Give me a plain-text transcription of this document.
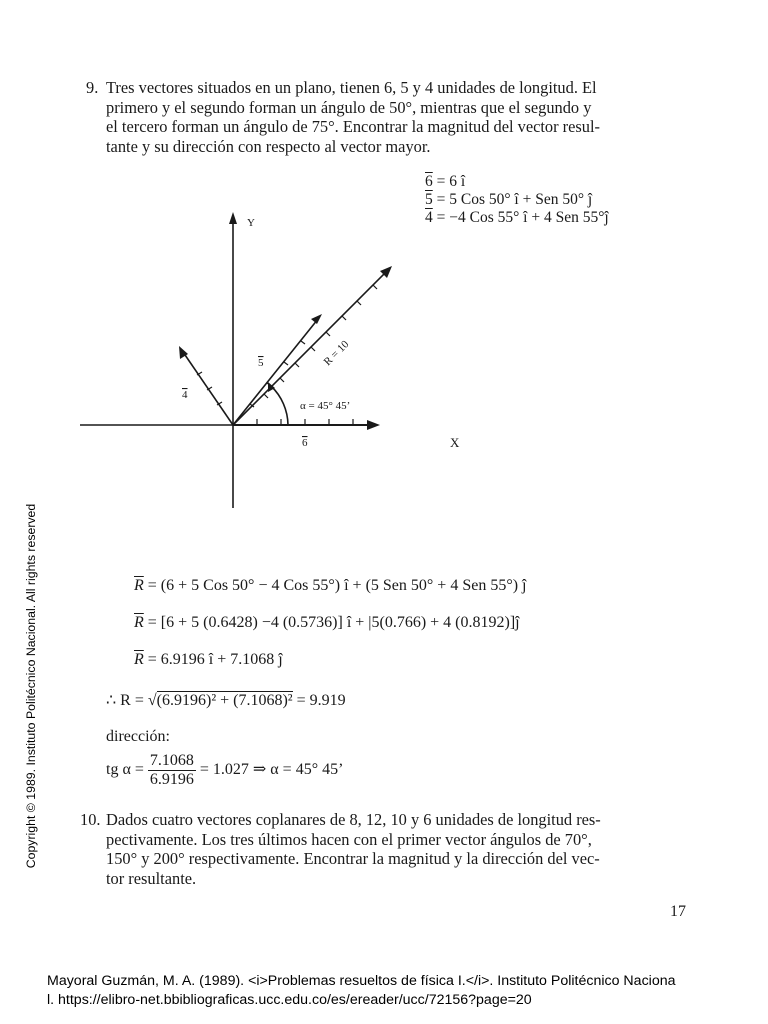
9. Tres vectores situados en un plano, tienen 6, 5 y 4 unidades de longitud. El
primero y el segundo forman un ángulo de 50°, mientras que el segundo y
el tercero forman un ángulo de 75°. Encontrar la magnitud del vector resul-
tante y su dirección con respecto al vector mayor.
6 = 6 î
5 = 5 Cos 50° î + Sen 50° ĵ
4 = −4 Cos 55° î + 4 Sen 55°ĵ
Y
X
4
5
6
α = 45° 45’
R = 10
$\overline{R} = (6 + 5$ Cos 50° − 4 Cos 55°) î + (5 Sen 50° + 4 Sen 55°) ĵ
$\overline{R} = [6 + 5$ (0.6428) −4 (0.5736)] î + |5(0.766) + 4 (0.8192)]ĵ
$\overline{R} = 6.9196$ î + 7.1068 ĵ
∴ R = √(6.9196)² + (7.1068)² = 9.919
dirección:
tg $\alpha = \frac{7.1068}{6.9196} = 1.027$ ⇒ α = 45° 45’
10. Dados cuatro vectores coplanares de 8, 12, 10 y 6 unidades de longitud res-
pectivamente. Los tres últimos hacen con el primer vector ángulos de 70°,
150° y 200° respectivamente. Encontrar la magnitud y la dirección del vec-
tor resultante.
17
Copyright © 1989. Instituto Politécnico Nacional. All rights reserved
Mayoral Guzmán, M. A. (1989). <i>Problemas resueltos de física I.</i>. Instituto Politécnico Naciona
l. https://elibro-net.bbibliograficas.ucc.edu.co/es/ereader/ucc/72156?page=20
